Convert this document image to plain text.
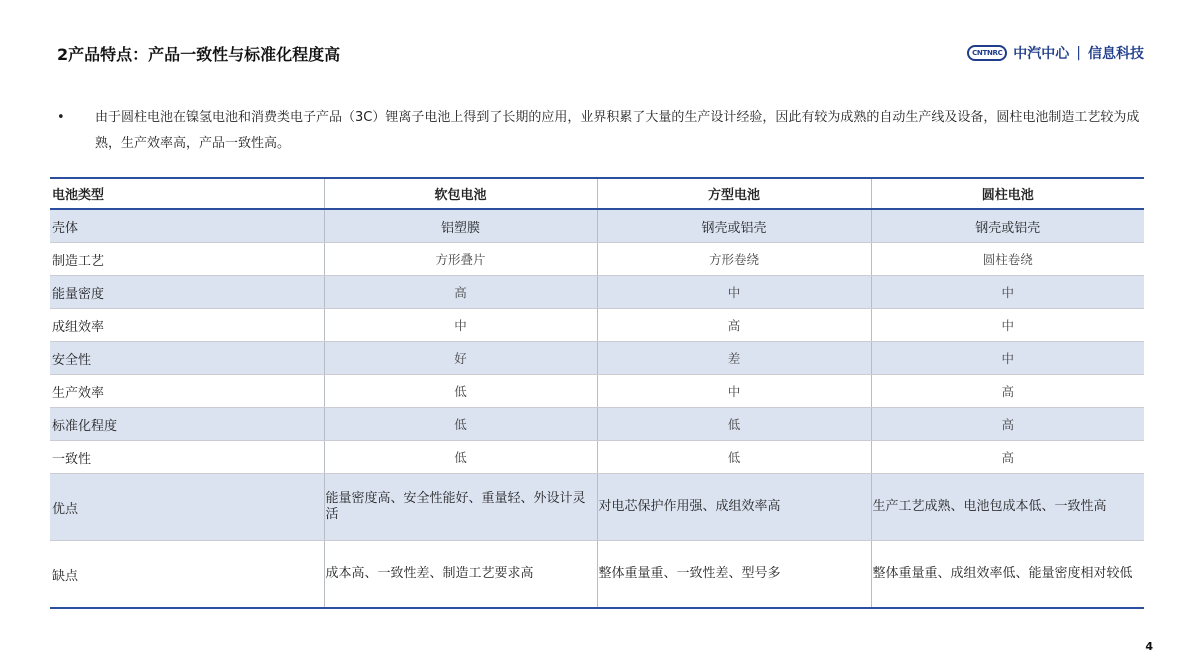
2产品特点：产品一致性与标准化程度高	CNTNRC 中汽中心 | 信息科技
•	由于圆柱电池在镍氢电池和消费类电子产品（3C）锂离子电池上得到了长期的应用，业界积累了大量的生产设计经验，因此有较为成熟的自动生产线及设备，圆柱电池制造工艺较为成熟，生产效率高，产品一致性高。
电池类型	软包电池	方型电池	圆柱电池
壳体	铝塑膜	钢壳或铝壳	钢壳或铝壳
制造工艺	方形叠片	方形卷绕	圆柱卷绕
能量密度	高	中	中
成组效率	中	高	中
安全性	好	差	中
生产效率	低	中	高
标准化程度	低	低	高
一致性	低	低	高
优点	能量密度高、安全性能好、重量轻、外设计灵活	对电芯保护作用强、成组效率高	生产工艺成熟、电池包成本低、一致性高
缺点	成本高、一致性差、制造工艺要求高	整体重量重、一致性差、型号多	整体重量重、成组效率低、能量密度相对较低
4
